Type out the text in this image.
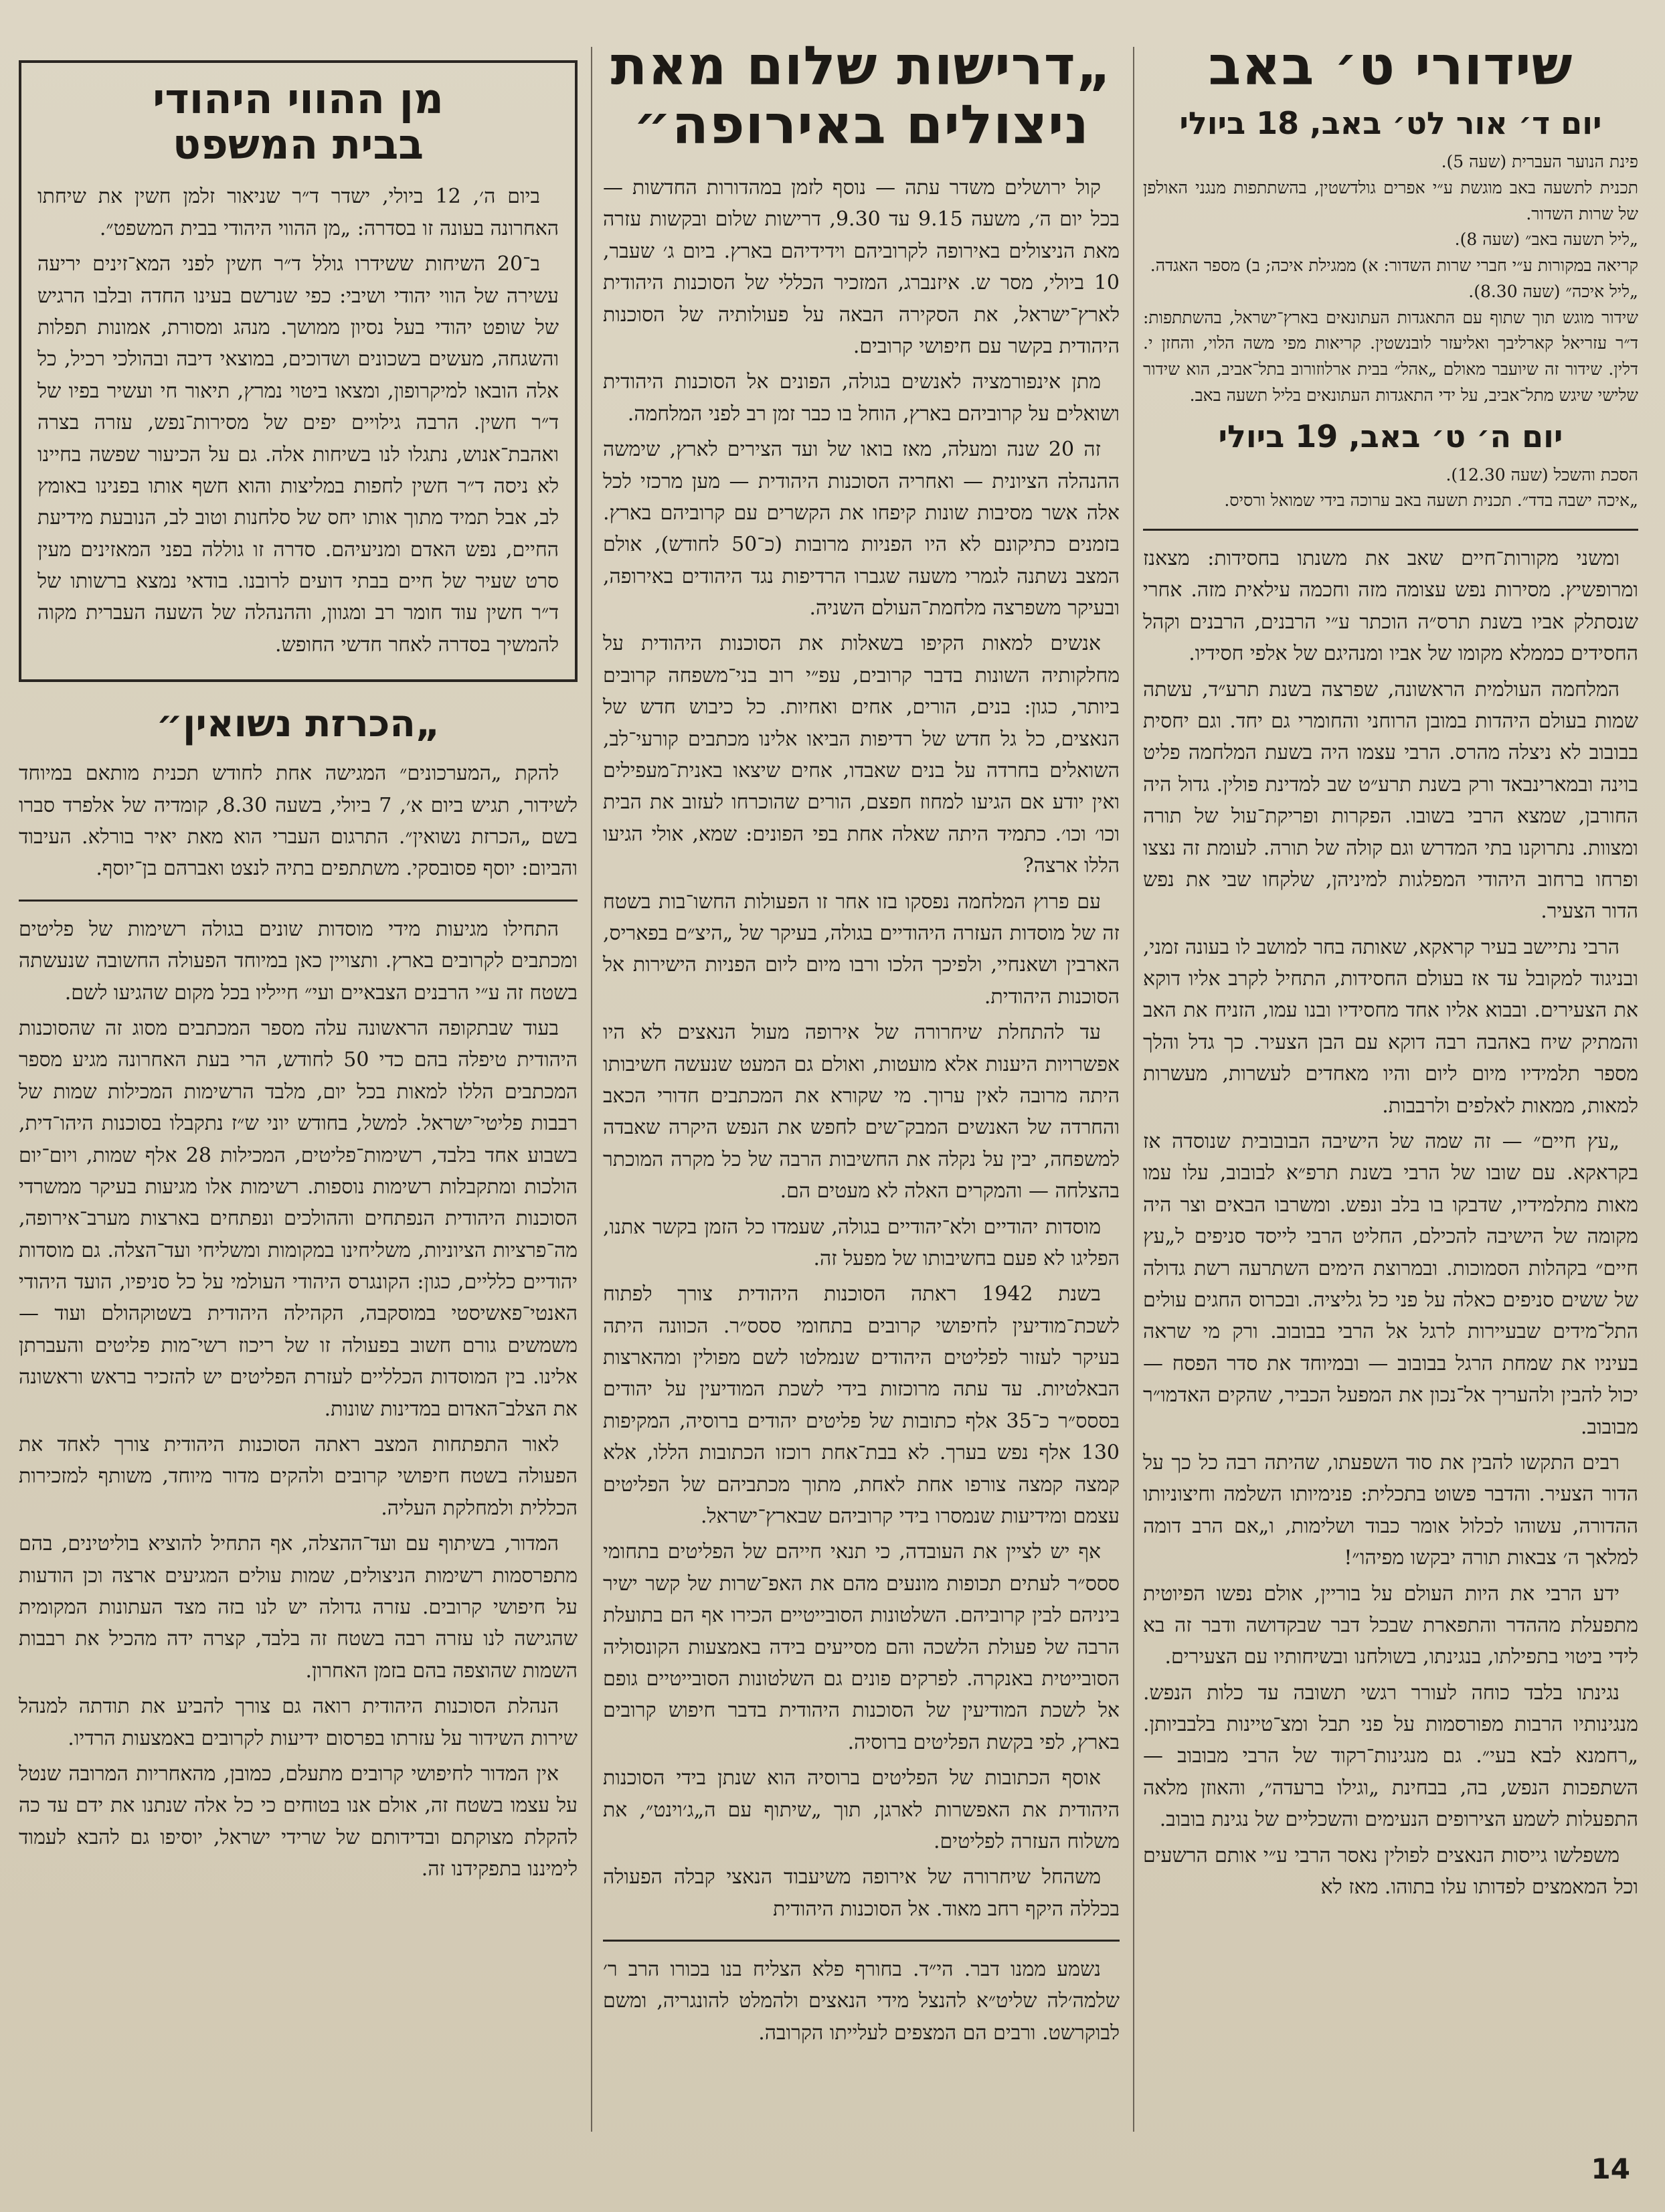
שידורי ט׳ באב
יום ד׳ אור לט׳ באב, 18 ביולי

פינת הנוער העברית (שעה 5).

תכנית לתשעה באב מוגשת ע״י אפרים גולדשטין, בהשתתפות מנגני האולפן של שרות השדור.

„ליל תשעה באב״ (שעה 8).

קריאה במקורות ע״י חברי שרות השדור: א) ממגילת איכה; ב) מספר האגדה.

„ליל איכה״ (שעה 8.30).

שידור מוגש תוך שתוף עם התאגדות העתונאים בארץ־ישראל, בהשתתפות: ד״ר עזריאל קארליבך ואליעזר לובנשטין. קריאות מפי משה הלוי, והחזן י. דלין. שידור זה שיועבר מאולם „אהל״ בבית ארלוזורוב בתל־אביב, הוא שידור שלישי שיגש מתל־אביב, על ידי התאגדות העתונאים בליל תשעה באב.

יום ה׳ ט׳ באב, 19 ביולי

הסכת והשכל (שעה 12.30).

„איכה ישבה בדד״. תכנית תשעה באב ערוכה בידי שמואל ורסיס.

ומשני מקורות־חיים שאב את משנתו בחסידות: מצאנז ומרופשיץ. מסירות נפש עצומה מזה וחכמה עילאית מזה. אחרי שנסתלק אביו בשנת תרס״ה הוכתר ע״י הרבנים, הרבנים וקהל החסידים כממלא מקומו של אביו ומנהיגם של אלפי חסידיו.

המלחמה העולמית הראשונה, שפרצה בשנת תרע״ד, עשתה שמות בעולם היהדות במובן הרוחני והחומרי גם יחד. וגם יחסית בבובוב לא ניצלה מהרס. הרבי עצמו היה בשעת המלחמה פליט בוינה ובמארינבאד ורק בשנת תרע״ט שב למדינת פולין. גדול היה החורבן, שמצא הרבי בשובו. הפקרות ופריקת־עול של תורה ומצוות. נתרוקנו בתי המדרש וגם קולה של תורה. לעומת זה נצצו ופרחו ברחוב היהודי המפלגות למיניהן, שלקחו שבי את נפש הדור הצעיר.

הרבי נתיישב בעיר קראקא, שאותה בחר למושב לו בעונה זמני, ובניגוד למקובל עד אז בעולם החסידות, התחיל לקרב אליו דוקא את הצעירים. ובבוא אליו אחד מחסידיו ובנו עמו, הזניח את האב והמתיק שיח באהבה רבה דוקא עם הבן הצעיר. כך גדל והלך מספר תלמידיו מיום ליום והיו מאחדים לעשרות, מעשרות למאות, ממאות לאלפים ולרבבות.

„עץ חיים״ — זה שמה של הישיבה הבובובית שנוסדה אז בקראקא. עם שובו של הרבי בשנת תרפ״א לבובוב, עלו עמו מאות מתלמידיו, שדבקו בו בלב ונפש. ומשרבו הבאים וצר היה מקומה של הישיבה להכילם, החליט הרבי לייסד סניפים ל„עץ חיים״ בקהלות הסמוכות. ובמרוצת הימים השתרעה רשת גדולה של ששים סניפים כאלה על פני כל גליציה. ובכרוס החגים עולים התל־מידים שבעיירות לרגל אל הרבי בבובוב. ורק מי שראה בעיניו את שמחת הרגל בבובוב — ובמיוחד את סדר הפסח — יכול להבין ולהעריך אל־נכון את המפעל הכביר, שהקים האדמו״ר מבובוב.

רבים התקשו להבין את סוד השפעתו, שהיתה רבה כל כך על הדור הצעיר. והדבר פשוט בתכלית: פנימיותו השלמה וחיצוניותו ההדורה, עשוהו לכלול אומר כבוד ושלימות, ו„אם הרב דומה למלאך ה׳ צבאות תורה יבקשו מפיהו״!

ידע הרבי את היות העולם על בוריין, אולם נפשו הפיוטית מתפעלת מההדר והתפארת שבכל דבר שבקדושה ודבר זה בא לידי ביטוי בתפילתו, בנגינתו, בשולחנו ובשיחותיו עם הצעירים.

נגינתו בלבד כוחה לעורר רגשי תשובה עד כלות הנפש. מנגינותיו הרבות מפורסמות על פני תבל ומצ־טיינות בלבביותן. „רחמנא לבא בעי״. גם מנגינות־רקוד של הרבי מבובוב — השתפכות הנפש, בה, בבחינת „וגילו ברעדה״, והאוזן מלאה התפעלות לשמע הצירופים הנעימים והשכליים של נגינת בובוב.

משפלשו גייסות הנאצים לפולין נאסר הרבי ע״י אותם הרשעים וכל המאמצים לפדותו עלו בתוהו. מאז לא

„דרישות שלום מאת
ניצולים באירופה״

קול ירושלים משדר עתה — נוסף לזמן במהדורות החדשות — בכל יום ה׳, משעה 9.15 עד 9.30, דרישות שלום ובקשות עזרה מאת הניצולים באירופה לקרוביהם וידידיהם בארץ. ביום ג׳ שעבר, 10 ביולי, מסר ש. איזנברג, המזכיר הכללי של הסוכנות היהודית לארץ־ישראל, את הסקירה הבאה על פעולותיה של הסוכנות היהודית בקשר עם חיפושי קרובים.

מתן אינפורמציה לאנשים בגולה, הפונים אל הסוכנות היהודית ושואלים על קרוביהם בארץ, הוחל בו כבר זמן רב לפני המלחמה.

זה 20 שנה ומעלה, מאז בואו של ועד הצירים לארץ, שימשה ההנהלה הציונית — ואחריה הסוכנות היהודית — מען מרכזי לכל אלה אשר מסיבות שונות קיפחו את הקשרים עם קרוביהם בארץ. בזמנים כתיקונם לא היו הפניות מרובות (כ־50 לחודש), אולם המצב נשתנה לגמרי משעה שגברו הרדיפות נגד היהודים באירופה, ובעיקר משפרצה מלחמת־העולם השניה.

אנשים למאות הקיפו בשאלות את הסוכנות היהודית על מחלקותיה השונות בדבר קרובים, עפ״י רוב בני־משפחה קרובים ביותר, כגון: בנים, הורים, אחים ואחיות. כל כיבוש חדש של הנאצים, כל גל חדש של רדיפות הביאו אלינו מכתבים קורעי־לב, השואלים בחרדה על בנים שאבדו, אחים שיצאו באנית־מעפילים ואין יודע אם הגיעו למחוז חפצם, הורים שהוכרחו לעזוב את הבית וכו׳ וכו׳. כתמיד היתה שאלה אחת בפי הפונים: שמא, אולי הגיעו הללו ארצה?

עם פרוץ המלחמה נפסקו בזו אחר זו הפעולות החשו־בות בשטח זה של מוסדות העזרה היהודיים בגולה, בעיקר של „היצ״ם בפאריס, הארבין ושאנחיי, ולפיכך הלכו ורבו מיום ליום הפניות הישירות אל הסוכנות היהודית.

עד להתחלת שיחרורה של אירופה מעול הנאצים לא היו אפשרויות היענות אלא מועטות, ואולם גם המעט שנעשה חשיבותו היתה מרובה לאין ערוך. מי שקורא את המכתבים חדורי הכאב והחרדה של האנשים המבק־שים לחפש את הנפש היקרה שאבדה למשפחה, יבין על נקלה את החשיבות הרבה של כל מקרה המוכתר בהצלחה — והמקרים האלה לא מעטים הם.

מוסדות יהודיים ולא־יהודיים בגולה, שעמדו כל הזמן בקשר אתנו, הפליגו לא פעם בחשיבותו של מפעל זה.

בשנת 1942 ראתה הסוכנות היהודית צורך לפתוח לשכת־מודיעין לחיפושי קרובים בתחומי ססס״ר. הכוונה היתה בעיקר לעזור לפליטים היהודים שנמלטו לשם מפולין ומהארצות הבאלטיות. עד עתה מרוכזות בידי לשכת המודיעין על יהודים בססס״ר כ־35 אלף כתובות של פליטים יהודים ברוסיה, המקיפות 130 אלף נפש בערך. לא בבת־אחת רוכזו הכתובות הללו, אלא קמצה קמצה צורפו אחת לאחת, מתוך מכתביהם של הפליטים עצמם ומידיעות שנמסרו בידי קרוביהם שבארץ־ישראל.

אף יש לציין את העובדה, כי תנאי חייהם של הפליטים בתחומי ססס״ר לעתים תכופות מונעים מהם את האפ־שרות של קשר ישיר ביניהם לבין קרוביהם. השלטונות הסובייטיים הכירו אף הם בתועלת הרבה של פעולת הלשכה והם מסייעים בידה באמצעות הקונסוליה הסובייטית באנקרה. לפרקים פונים גם השלטונות הסובייטיים גופם אל לשכת המודיעין של הסוכנות היהודית בדבר חיפוש קרובים בארץ, לפי בקשת הפליטים ברוסיה.

אוסף הכתובות של הפליטים ברוסיה הוא שנתן בידי הסוכנות היהודית את האפשרות לארגן, תוך „שיתוף עם ה„ג׳וינט״, את משלוח העזרה לפליטים.

משהחל שיחרורה של אירופה משיעבוד הנאצי קבלה הפעולה בכללה היקף רחב מאוד. אל הסוכנות היהודית

נשמע ממנו דבר. הי״ד. בחורף פלא הצליח בנו בכורו הרב ר׳ שלמה׳לה שליט״א להנצל מידי הנאצים ולהמלט להונגריה, ומשם לבוקרשט. ורבים הם המצפים לעלייתו הקרובה.

מן ההווי היהודי
בבית המשפט

ביום ה׳, 12 ביולי, ישדר ד״ר שניאור זלמן חשין את שיחתו האחרונה בעונה זו בסדרה: „מן ההווי היהודי בבית המשפט״.

ב־20 השיחות ששידרו גולל ד״ר חשין לפני המא־זינים יריעה עשירה של הווי יהודי ושיבי: כפי שנרשם בעינו החדה ובלבו הרגיש של שופט יהודי בעל נסיון ממושך. מנהג ומסורת, אמונות תפלות והשגחה, מעשים בשכונים ושדוכים, במוצאי דיבה ובהולכי רכיל, כל אלה הובאו למיקרופון, ומצאו ביטוי נמרץ, תיאור חי ועשיר בפיו של ד״ר חשין. הרבה גילויים יפים של מסירות־נפש, עזרה בצרה ואהבת־אנוש, נתגלו לנו בשיחות אלה. גם על הכיעור שפשה בחיינו לא ניסה ד״ר חשין לחפות במליצות והוא חשף אותו בפנינו באומץ לב, אבל תמיד מתוך אותו יחס של סלחנות וטוב לב, הנובעת מידיעת החיים, נפש האדם ומניעיהם. סדרה זו גוללה בפני המאזינים מעין סרט שעיר של חיים בבתי דועים לרובנו. בודאי נמצא ברשותו של ד״ר חשין עוד חומר רב ומגוון, וההנהלה של השעה העברית מקוה להמשיך בסדרה לאחר חדשי החופש.

„הכרזת נשואין״

להקת „המערכונים״ המגישה אחת לחודש תכנית מותאם במיוחד לשידור, תגיש ביום א׳, 7 ביולי, בשעה 8.30, קומדיה של אלפרד סברו בשם „הכרזת נשואין״. התרגום העברי הוא מאת יאיר בורלא. העיבוד והביום: יוסף פסובסקי. משתתפים בתיה לנצט ואברהם בן־יוסף.

התחילו מגיעות מידי מוסדות שונים בגולה רשימות של פליטים ומכתבים לקרובים בארץ. ותצויין כאן במיוחד הפעולה החשובה שנעשתה בשטח זה ע״י הרבנים הצבאיים ועי״ חייליו בכל מקום שהגיעו לשם.

בעוד שבתקופה הראשונה עלה מספר המכתבים מסוג זה שהסוכנות היהודית טיפלה בהם כדי 50 לחודש, הרי בעת האחרונה מגיע מספר המכתבים הללו למאות בכל יום, מלבד הרשימות המכילות שמות של רבבות פליטי־ישראל. למשל, בחודש יוני ש״ז נתקבלו בסוכנות היהו־דית, בשבוע אחד בלבד, רשימות־פליטים, המכילות 28 אלף שמות, ויום־יום הולכות ומתקבלות רשימות נוספות. רשימות אלו מגיעות בעיקר ממשרדי הסוכנות היהודית הנפתחים וההולכים ונפתחים בארצות מערב־אירופה, מה־פרציות הציוניות, משליחינו במקומות ומשליחי ועד־הצלה. גם מוסדות יהודיים כלליים, כגון: הקונגרס היהודי העולמי על כל סניפיו, הועד היהודי האנטי־פאשיסטי במוסקבה, הקהילה היהודית בשטוקהולם ועוד — משמשים גורם חשוב בפעולה זו של ריכוז רשי־מות פליטים והעברתן אלינו. בין המוסדות הכלליים לעזרת הפליטים יש להזכיר בראש וראשונה את הצלב־האדום במדינות שונות.

לאור התפתחות המצב ראתה הסוכנות היהודית צורך לאחד את הפעולה בשטח חיפושי קרובים ולהקים מדור מיוחד, משותף למזכירות הכללית ולמחלקת העליה.

המדור, בשיתוף עם ועד־ההצלה, אף התחיל להוציא בוליטינים, בהם מתפרסמות רשימות הניצולים, שמות עולים המגיעים ארצה וכן הודעות על חיפושי קרובים. עזרה גדולה יש לנו בזה מצד העתונות המקומית שהגישה לנו עזרה רבה בשטח זה בלבד, קצרה ידה מהכיל את רבבות השמות שהוצפה בהם בזמן האחרון.

הנהלת הסוכנות היהודית רואה גם צורך להביע את תודתה למנהל שירות השידור על עזרתו בפרסום ידיעות לקרובים באמצעות הרדיו.

אין המדור לחיפושי קרובים מתעלם, כמובן, מהאחריות המרובה שנטל על עצמו בשטח זה, אולם אנו בטוחים כי כל אלה שנתנו את ידם עד כה להקלת מצוקתם ובדידותם של שרידי ישראל, יוסיפו גם להבא לעמוד לימיננו בתפקידנו זה.

14
